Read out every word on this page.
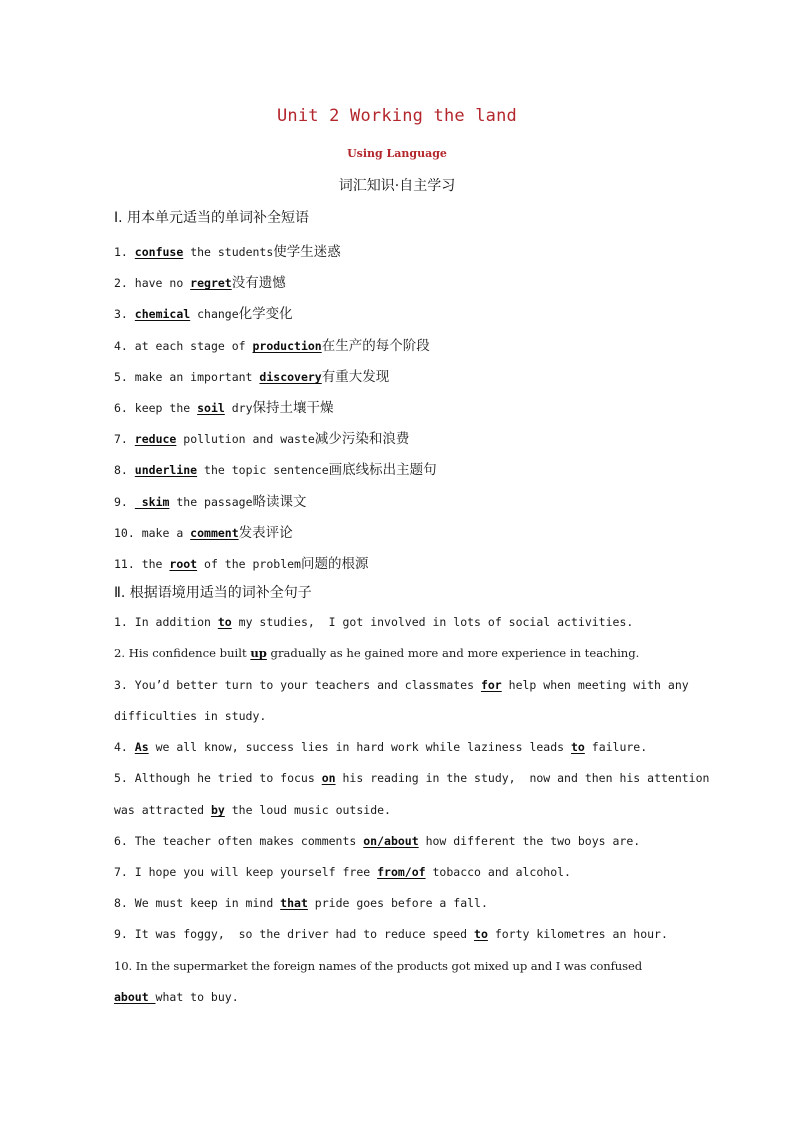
Unit 2 Working the land
Using Language
词汇知识·自主学习
Ⅰ. 用本单元适当的单词补全短语
1. confuse the students使学生迷惑
2. have no regret没有遗憾
3. chemical change化学变化
4. at each stage of production在生产的每个阶段
5. make an important discovery有重大发现
6. keep the soil dry保持土壤干燥
7. reduce pollution and waste减少污染和浪费
8. underline the topic sentence画底线标出主题句
9.  skim the passage略读课文
10. make a comment发表评论
11. the root of the problem问题的根源
Ⅱ. 根据语境用适当的词补全句子
1. In addition to my studies,  I got involved in lots of social activities.
2. His confidence built up gradually as he gained more and more experience in teaching.
3. You’d better turn to your teachers and classmates for help when meeting with any
difficulties in study.
4. As we all know, success lies in hard work while laziness leads to failure.
5. Although he tried to focus on his reading in the study,  now and then his attention
was attracted by the loud music outside.
6. The teacher often makes comments on/about how different the two boys are.
7. I hope you will keep yourself free from/of tobacco and alcohol.
8. We must keep in mind that pride goes before a fall.
9. It was foggy,  so the driver had to reduce speed to forty kilometres an hour.
10. In the supermarket the foreign names of the products got mixed up and I was confused
about what to buy.
